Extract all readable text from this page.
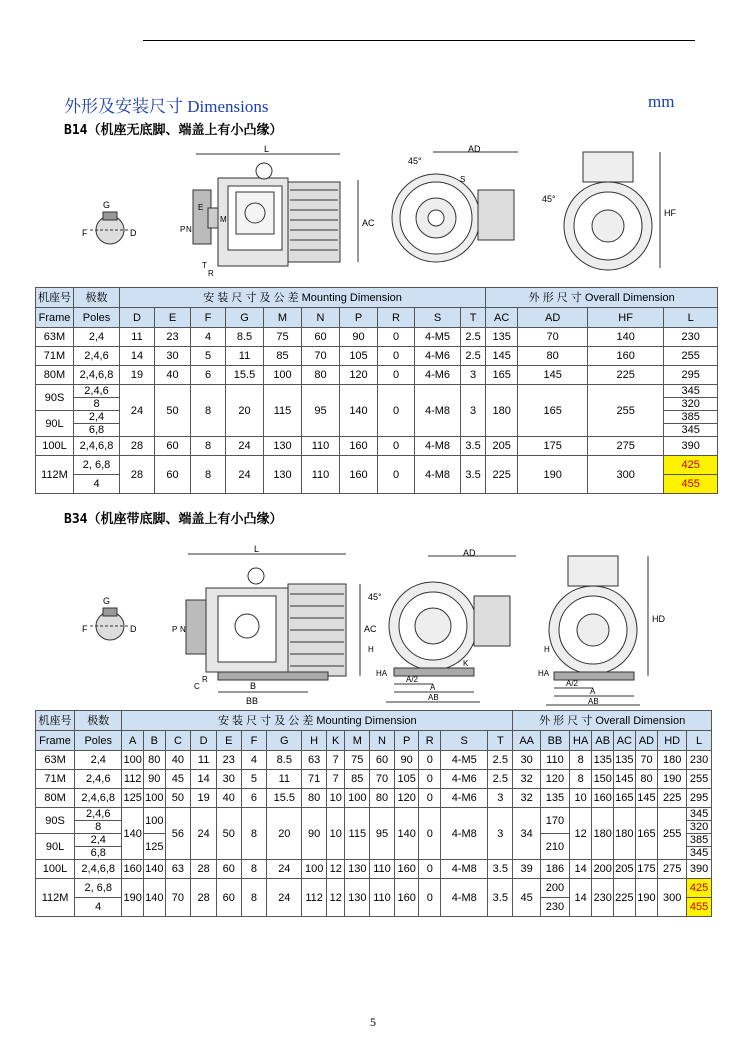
外形及安装尺寸 Dimensions	mm
B14（机座无底脚、端盖上有小凸缘）
G
F	D
L
AC
P N
E
M
T
R
AD
45°
S
45°
HF
机座号	极数	安 装 尺 寸 及 公 差 Mounting Dimension										外 形 尺 寸 Overall Dimension			
Frame	Poles	D	E	F	G	M	N	P	R	S	T	AC	AD	HF	L
63M	2,4	11	23	4	8.5	75	60	90	0	4-M5	2.5	135	70	140	230
71M	2,4,6	14	30	5	11	85	70	105	0	4-M6	2.5	145	80	160	255
80M	2,4,6,8	19	40	6	15.5	100	80	120	0	4-M6	3	165	145	225	295
90S	2,4,6	24	50	8	20	115	95	140	0	4-M8	3	180	165	255	345
	8														320
90L	2,4														385
	6,8														345
100L	2,4,6,8	28	60	8	24	130	110	160	0	4-M8	3.5	205	175	275	390
112M	2, 6,8	28	60	8	24	130	110	160	0	4-M8	3.5	225	190	300	425
	4														455
B34（机座带底脚、端盖上有小凸缘）
G
F	D
L
B
BB
C
R
P N	AC
AD
45°
A/2
A
AB
H
HA
K
A/2
A
AB
HA
H
HD
机座号	极数	安 装 尺 寸 及 公 差 Mounting Dimension															外 形 尺 寸 Overall Dimension							
Frame	Poles	A	B	C	D	E	F	G	H	K	M	N	P	R	S	T	AA	BB	HA	AB	AC	AD	HD	L
63M	2,4	100	80	40	11	23	4	8.5	63	7	75	60	90	0	4-M5	2.5	30	110	8	135	135	70	180	230
71M	2,4,6	112	90	45	14	30	5	11	71	7	85	70	105	0	4-M6	2.5	32	120	8	150	145	80	190	255
80M	2,4,6,8	125	100	50	19	40	6	15.5	80	10	100	80	120	0	4-M6	3	32	135	10	160	165	145	225	295
90S	2,4,6	140	100	56	24	50	8	20	90	10	115	95	140	0	4-M8	3	34	170	12	180	180	165	255	345
	8																							320
90L	2,4		125															210						385
	6,8																							345
100L	2,4,6,8	160	140	63	28	60	8	24	100	12	130	110	160	0	4-M8	3.5	39	186	14	200	205	175	275	390
112M	2, 6,8	190	140	70	28	60	8	24	112	12	130	110	160	0	4-M8	3.5	45	200	14	230	225	190	300	425
	4																	230						455
5
